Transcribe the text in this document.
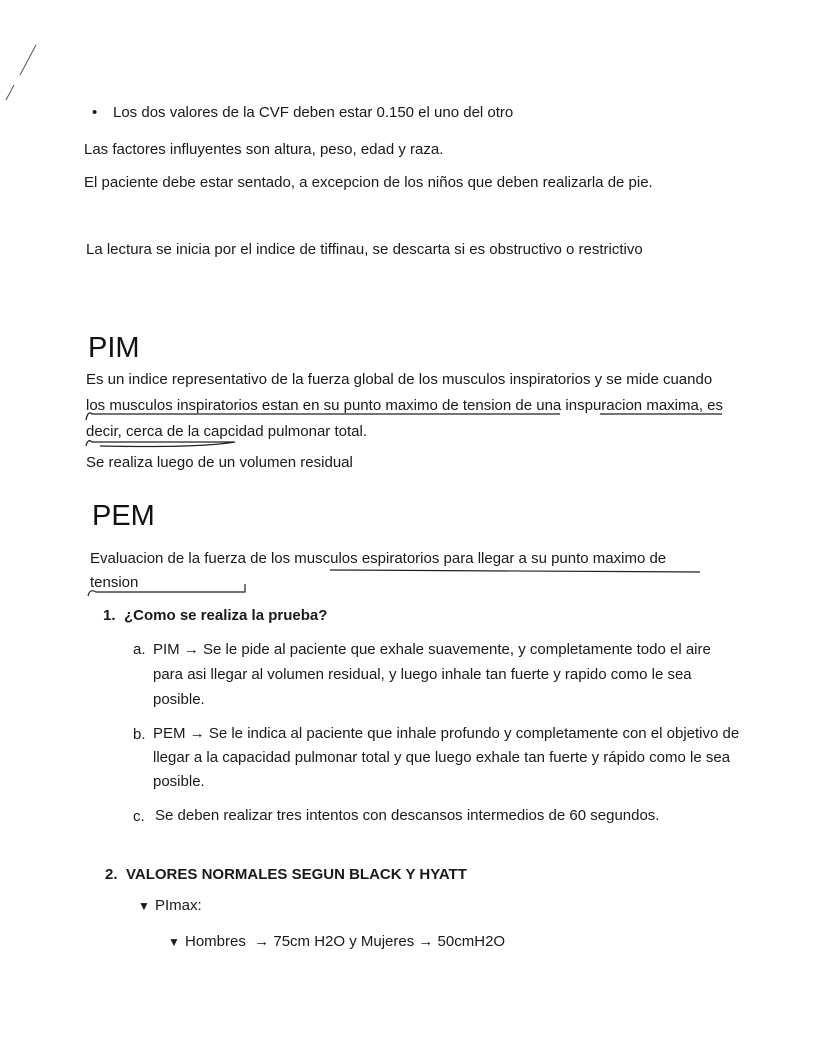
• Los dos valores de la CVF deben estar 0.150 el uno del otro
Las factores influyentes son altura, peso, edad y raza.
El paciente debe estar sentado, a excepcion de los niños que deben realizarla de pie.
La lectura se inicia por el indice de tiffinau, se descarta si es obstructivo o restrictivo
PIM
Es un indice representativo de la fuerza global de los musculos inspiratorios y se mide cuando los musculos inspiratorios estan en su punto maximo de tension de una inspuracion maxima, es decir, cerca de la capcidad pulmonar total.
Se realiza luego de un volumen residual
PEM
Evaluacion de la fuerza de los musculos espiratorios para llegar a su punto maximo de tension
1. ¿Como se realiza la prueba?
a. PIM → Se le pide al paciente que exhale suavemente, y completamente todo el aire para asi llegar al volumen residual, y luego inhale tan fuerte y rapido como le sea posible.
b. PEM → Se le indica al paciente que inhale profundo y completamente con el objetivo de llegar a la capacidad pulmonar total y que luego exhale tan fuerte y rápido como le sea posible.
c. Se deben realizar tres intentos con descansos intermedios de 60 segundos.
2. VALORES NORMALES SEGUN BLACK Y HYATT
▼ PImax:
▼ Hombres  → 75cm H2O y Mujeres → 50cmH2O
